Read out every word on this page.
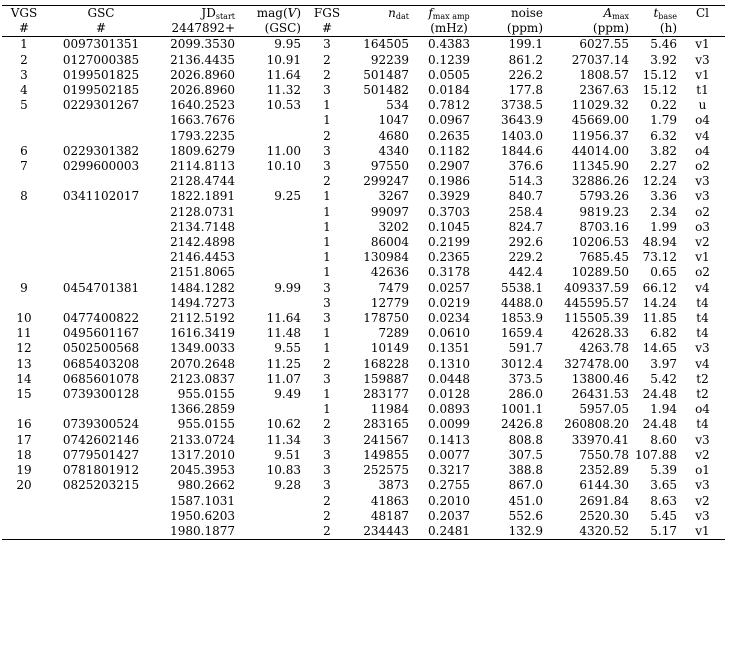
VGS	GSC	$JD_{start}$	mag(V)	FGS	$n_{dat}$	$f_{max amp}$	noise	$A_{max}$	$t_{base}$	Cl
#	#	2447892+	(GSC)	#		(mHz)	(ppm)	(ppm)	(h)	
1	0097301351	2099.3530	9.95	3	164505	0.4383	199.1	6027.55	5.46	v1
2	0127000385	2136.4435	10.91	2	92239	0.1239	861.2	27037.14	3.92	v3
3	0199501825	2026.8960	11.64	2	501487	0.0505	226.2	1808.57	15.12	v1
4	0199502185	2026.8960	11.32	3	501482	0.0184	177.8	2367.63	15.12	t1
5	0229301267	1640.2523	10.53	1	534	0.7812	3738.5	11029.32	0.22	u
		1663.7676		1	1047	0.0967	3643.9	45669.00	1.79	o4
		1793.2235		2	4680	0.2635	1403.0	11956.37	6.32	v4
6	0229301382	1809.6279	11.00	3	4340	0.1182	1844.6	44014.00	3.82	o4
7	0299600003	2114.8113	10.10	3	97550	0.2907	376.6	11345.90	2.27	o2
		2128.4744		2	299247	0.1986	514.3	32886.26	12.24	v3
8	0341102017	1822.1891	9.25	1	3267	0.3929	840.7	5793.26	3.36	v3
		2128.0731		1	99097	0.3703	258.4	9819.23	2.34	o2
		2134.7148		1	3202	0.1045	824.7	8703.16	1.99	o3
		2142.4898		1	86004	0.2199	292.6	10206.53	48.94	v2
		2146.4453		1	130984	0.2365	229.2	7685.45	73.12	v1
		2151.8065		1	42636	0.3178	442.4	10289.50	0.65	o2
9	0454701381	1484.1282	9.99	3	7479	0.0257	5538.1	409337.59	66.12	v4
		1494.7273		3	12779	0.0219	4488.0	445595.57	14.24	t4
10	0477400822	2112.5192	11.64	3	178750	0.0234	1853.9	115505.39	11.85	t4
11	0495601167	1616.3419	11.48	1	7289	0.0610	1659.4	42628.33	6.82	t4
12	0502500568	1349.0033	9.55	1	10149	0.1351	591.7	4263.78	14.65	v3
13	0685403208	2070.2648	11.25	2	168228	0.1310	3012.4	327478.00	3.97	v4
14	0685601078	2123.0837	11.07	3	159887	0.0448	373.5	13800.46	5.42	t2
15	0739300128	955.0155	9.49	1	283177	0.0128	286.0	26431.53	24.48	t2
		1366.2859		1	11984	0.0893	1001.1	5957.05	1.94	o4
16	0739300524	955.0155	10.62	2	283165	0.0099	2426.8	260808.20	24.48	t4
17	0742602146	2133.0724	11.34	3	241567	0.1413	808.8	33970.41	8.60	v3
18	0779501427	1317.2010	9.51	3	149855	0.0077	307.5	7550.78	107.88	v2
19	0781801912	2045.3953	10.83	3	252575	0.3217	388.8	2352.89	5.39	o1
20	0825203215	980.2662	9.28	3	3873	0.2755	867.0	6144.30	3.65	v3
		1587.1031		2	41863	0.2010	451.0	2691.84	8.63	v2
		1950.6203		2	48187	0.2037	552.6	2520.30	5.45	v3
		1980.1877		2	234443	0.2481	132.9	4320.52	5.17	v1
